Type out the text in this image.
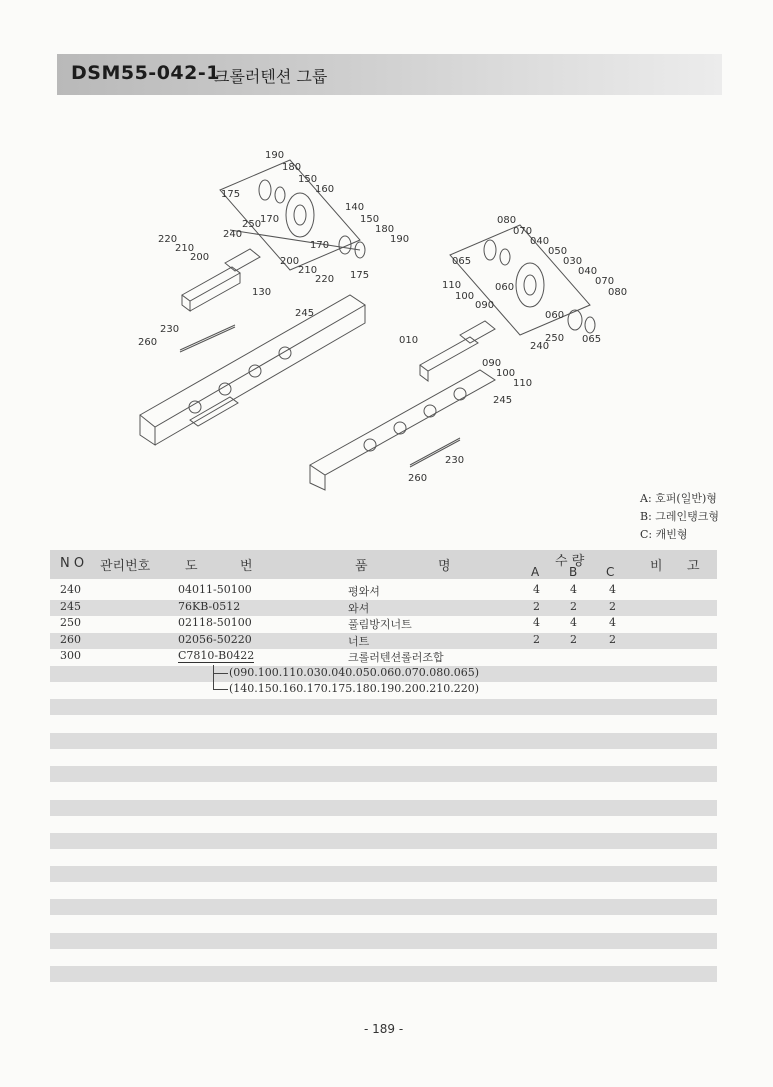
DSM55-042-1
크롤러텐션 그룹
190
180
150
160
175
140
150
180
190
170
170
250
240
220
210
200	200
210
220 175
130
245
230
260
080
070
040
050
065
060
030
040
070
080
110
100
090
060
250
240
065
010
090
100
110
245
230
260
A: 호퍼(일반)형
B: 그레인탱크형
C: 캐빈형
N O 관리번호	도	번	품	명	수 량
A B C	비 고
240	04011-50100	평와셔	4	4	4
245	76KB-0512	와셔	2	2	2
250	02118-50100	풀림방지너트	4	4	4
260	02056-50220	너트	2	2	2
300	C7810-B0422	크롤러텐션롤러조합
(090.100.110.030.040.050.060.070.080.065)
(140.150.160.170.175.180.190.200.210.220)
- 189 -
